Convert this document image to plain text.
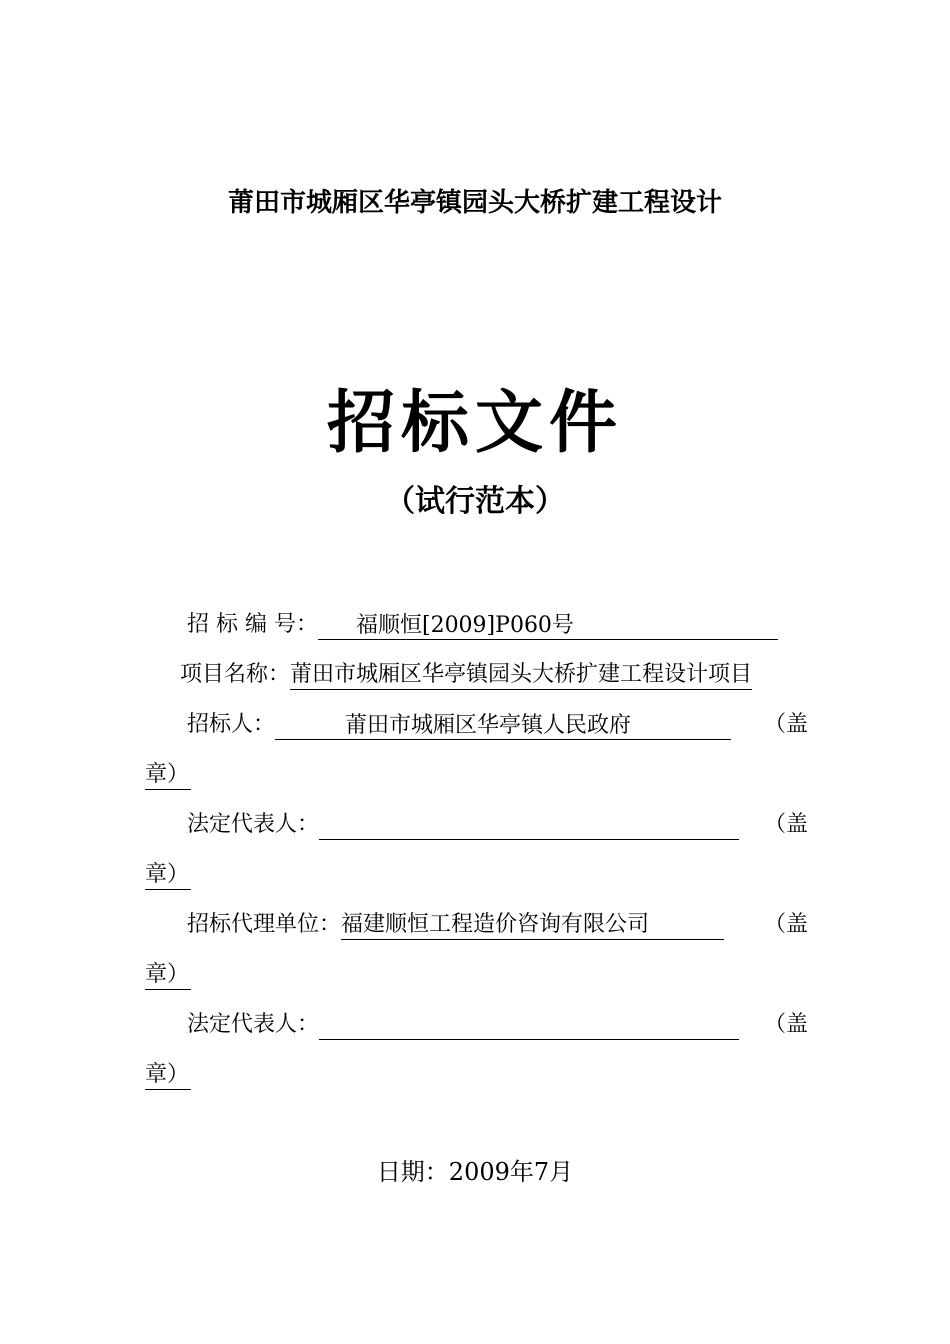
莆田市城厢区华亭镇园头大桥扩建工程设计
招标文件
（试行范本）
招 标 编 号： 福顺恒[2009]P060号
项目名称：莆田市城厢区华亭镇园头大桥扩建工程设计项目
招标人：	莆田市城厢区华亭镇人民政府	（盖
章）
法定代表人：	（盖
章）
招标代理单位：福建顺恒工程造价咨询有限公司	（盖
章）
法定代表人：	（盖
章）
日期：2009年7月
